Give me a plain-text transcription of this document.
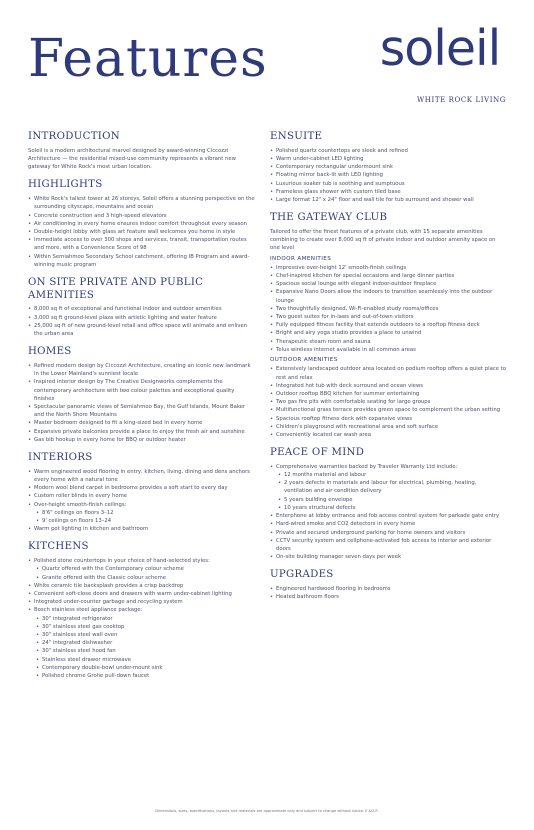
Features soleil
WHITE ROCK LIVING
INTRODUCTION

Soleil is a modern architectural marvel designed by award-winning Ciccozzi Architecture — the residential mixed-use community represents a vibrant new gateway for White Rock's most urban location.

HIGHLIGHTS
• White Rock's tallest tower at 26 storeys, Soleil offers a stunning perspective on the surrounding cityscape, mountains and ocean
• Concrete construction and 3 high-speed elevators
• Air conditioning in every home ensures indoor comfort throughout every season
• Double-height lobby with glass art feature wall welcomes you home in style
• Immediate access to over 300 shops and services, transit, transportation routes and more, with a Convenience Score of 98
• Within Semiahmoo Secondary School catchment, offering IB Program and award-winning music program
ON SITE PRIVATE AND PUBLIC AMENITIES
• 8,000 sq ft of exceptional and functional indoor and outdoor amenities
• 3,000 sq ft ground-level plaza with artistic lighting and water feature
• 25,000 sq ft of new ground-level retail and office space will animate and enliven the urban area
HOMES
• Refined modern design by Ciccozzi Architecture, creating an iconic new landmark in the Lower Mainland's sunniest locale
• Inspired interior design by The Creative Designworks complements the contemporary architecture with two colour palettes and exceptional quality finishes
• Spectacular panoramic views of Semiahmoo Bay, the Gulf Islands, Mount Baker and the North Shore Mountains
• Master bedroom designed to fit a king-sized bed in every home
• Expansive private balconies provide a place to enjoy the fresh air and sunshine
• Gas bib hookup in every home for BBQ or outdoor heater
INTERIORS
• Warm engineered wood flooring in entry, kitchen, living, dining and dens anchors every home with a natural tone
• Modern wool blend carpet in bedrooms provides a soft start to every day
• Custom roller blinds in every home
• Over-height smooth-finish ceilings:
• 8'6" ceilings on floors 3–12
• 9' ceilings on floors 13–24
• Warm pot lighting in kitchen and bathroom
KITCHENS
• Polished stone countertops in your choice of hand-selected styles:
• Quartz offered with the Contemporary colour scheme
• Granite offered with the Classic colour scheme
• White ceramic tile backsplash provides a crisp backdrop
• Convenient soft-close doors and drawers with warm under-cabinet lighting
• Integrated under-counter garbage and recycling system
• Bosch stainless steel appliance package:
• 30" integrated refrigerator
• 30" stainless steel gas cooktop
• 30" stainless steel wall oven
• 24" integrated dishwasher
• 30" stainless steel hood fan
• Stainless steel drawer microwave
• Contemporary double-bowl under-mount sink
• Polished chrome Grohe pull-down faucet
ENSUITE
• Polished quartz countertops are sleek and refined
• Warm under-cabinet LED lighting
• Contemporary rectangular undermount sink
• Floating mirror back-lit with LED lighting
• Luxurious soaker tub is soothing and sumptuous
• Frameless glass shower with custom tiled base
• Large format 12" x 24" floor and wall tile for tub surround and shower wall
THE GATEWAY CLUB

Tailored to offer the finest features of a private club, with 15 separate amenities combining to create over 8,000 sq ft of private indoor and outdoor amenity space on one level

INDOOR AMENITIES
• Impressive over-height 12' smooth-finish ceilings
• Chef-inspired kitchen for special occasions and large dinner parties
• Spacious social lounge with elegant indoor-outdoor fireplace
• Expansive Nano Doors allow the indoors to transition seamlessly into the outdoor lounge
• Two thoughtfully designed, Wi-Fi-enabled study rooms/offices
• Two guest suites for in-laws and out-of-town visitors
• Fully equipped fitness facility that extends outdoors to a rooftop fitness deck
• Bright and airy yoga studio provides a place to unwind
• Therapeutic steam room and sauna
• Telus wireless internet available in all common areas
OUTDOOR AMENITIES
• Extensively landscaped outdoor area located on podium rooftop offers a quiet place to rest and relax
• Integrated hot tub with deck surround and ocean views
• Outdoor rooftop BBQ kitchen for summer entertaining
• Two gas fire pits with comfortable seating for large groups
• Multifunctional grass terrace provides green space to complement the urban setting
• Spacious rooftop fitness deck with expansive views
• Children's playground with recreational area and soft surface
• Conveniently located car wash area
PEACE OF MIND
• Comprehensive warranties backed by Traveler Warranty Ltd include:
• 12 months material and labour
• 2 years defects in materials and labour for electrical, plumbing, heating, ventilation and air condition delivery
• 5 years building envelope
• 10 years structural defects
• Enterphone at lobby entrance and fob access control system for parkade gate entry
• Hard-wired smoke and CO2 detectors in every home
• Private and secured underground parking for home owners and visitors
• CCTV security system and cellphone-activated fob access to interior and exterior doors
• On-site building manager seven days per week
UPGRADES
• Engineered hardwood flooring in bedrooms
• Heated bathroom floors
Dimensions, sizes, specifications, layouts and materials are approximate only and subject to change without notice. E.&O.E.
